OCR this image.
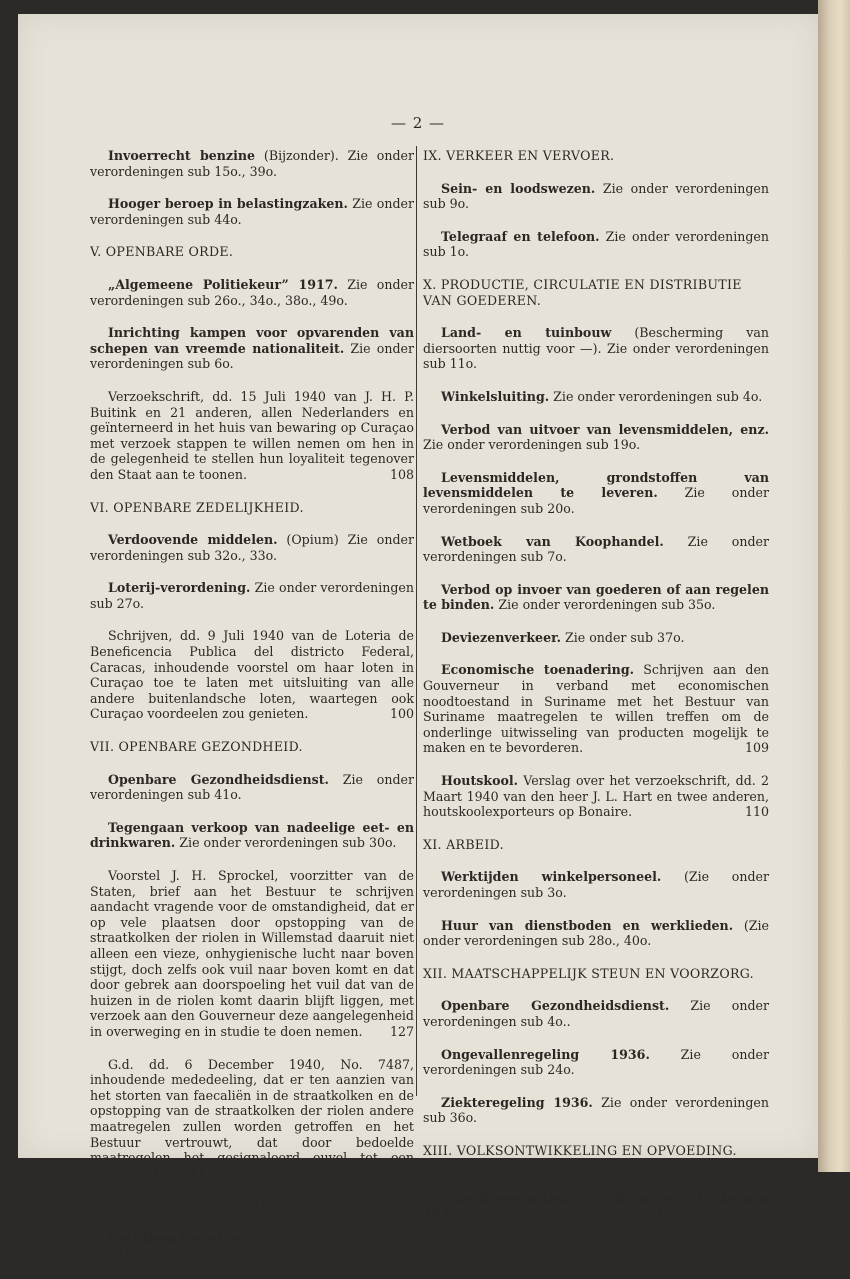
— 2 —
Invoerrecht benzine (Bijzonder). Zie onder verordeningen sub 15o., 39o.
Hooger beroep in belastingzaken. Zie onder verordeningen sub 44o.
V. OPENBARE ORDE.
„Algemeene Politiekeur” 1917. Zie onder verordeningen sub 26o., 34o., 38o., 49o.
Inrichting kampen voor opvarenden van schepen van vreemde nationaliteit. Zie onder verordeningen sub 6o.
Verzoekschrift, dd. 15 Juli 1940 van J. H. P. Buitink en 21 anderen, allen Nederlanders en geïnterneerd in het huis van bewaring op Curaçao met verzoek stappen te willen nemen om hen in de gelegenheid te stellen hun loyaliteit tegenover den Staat aan te toonen.	108
VI. OPENBARE ZEDELIJKHEID.
Verdoovende middelen. (Opium) Zie onder verordeningen sub 32o., 33o.
Loterij-verordening. Zie onder verordeningen sub 27o.
Schrijven, dd. 9 Juli 1940 van de Loteria de Beneficencia Publica del districto Federal, Caracas, inhoudende voorstel om haar loten in Curaçao toe te laten met uitsluiting van alle andere buitenlandsche loten, waartegen ook Curaçao voordeelen zou genieten.	100
VII. OPENBARE GEZONDHEID.
Openbare Gezondheidsdienst. Zie onder verordeningen sub 41o.
Tegengaan verkoop van nadeelige eet- en drinkwaren. Zie onder verordeningen sub 30o.
Voorstel J. H. Sprockel, voorzitter van de Staten, brief aan het Bestuur te schrijven aandacht vragende voor de omstandigheid, dat er op vele plaatsen door opstopping van de straatkolken der riolen in Willemstad daaruit niet alleen een vieze, onhygienische lucht naar boven stijgt, doch zelfs ook vuil naar boven komt en dat door gebrek aan doorspoeling het vuil dat van de huizen in de riolen komt daarin blijft liggen, met verzoek aan den Gouverneur deze aangelegenheid in overweging en in studie te doen nemen.	127
G.d. dd. 6 December 1940, No. 7487, inhoudende mededeeling, dat er ten aanzien van het storten van faecaliën in de straatkolken en de opstopping van de straatkolken der riolen andere maatregelen zullen worden getroffen en het Bestuur vertrouwt, dat door bedoelde maatregelen het gesignaleerd euvel tot een minimum beperkt zal blijven.	139
VIII. OPENBARE VEILIGHEID.
Luchtbescherming. Zie onder verordeningen sub 12o.
IX. VERKEER EN VERVOER.
Sein- en loodswezen. Zie onder verordeningen sub 9o.
Telegraaf en telefoon. Zie onder verordeningen sub 1o.
X. PRODUCTIE, CIRCULATIE EN DISTRIBUTIE VAN GOEDEREN.
Land- en tuinbouw (Bescherming van diersoorten nuttig voor —). Zie onder verordeningen sub 11o.
Winkelsluiting. Zie onder verordeningen sub 4o.
Verbod van uitvoer van levensmiddelen, enz. Zie onder verordeningen sub 19o.
Levensmiddelen, grondstoffen van levensmiddelen te leveren. Zie onder verordeningen sub 20o.
Wetboek van Koophandel. Zie onder verordeningen sub 7o.
Verbod op invoer van goederen of aan regelen te binden. Zie onder verordeningen sub 35o.
Deviezenverkeer. Zie onder sub 37o.
Economische toenadering. Schrijven aan den Gouverneur in verband met economischen noodtoestand in Suriname met het Bestuur van Suriname maatregelen te willen treffen om de onderlinge uitwisseling van producten mogelijk te maken en te bevorderen.	109
Houtskool. Verslag over het verzoekschrift, dd. 2 Maart 1940 van den heer J. L. Hart en twee anderen, houtskoolexporteurs op Bonaire.	110
XI. ARBEID.
Werktijden winkelpersoneel. (Zie onder verordeningen sub 3o.
Huur van dienstboden en werklieden. (Zie onder verordeningen sub 28o., 40o.
XII. MAATSCHAPPELIJK STEUN EN VOORZORG.
Openbare Gezondheidsdienst. Zie onder verordeningen sub 4o..
Ongevallenregeling 1936. Zie onder verordeningen sub 24o.
Ziekteregeling 1936. Zie onder verordeningen sub 36o.
XIII. VOLKSONTWIKKELING EN OPVOEDING. EEREDIENSTEN.
Subsidieverordening Bijzonder Onderwijs 1935. Zie onder verordeningen sub 43o.
